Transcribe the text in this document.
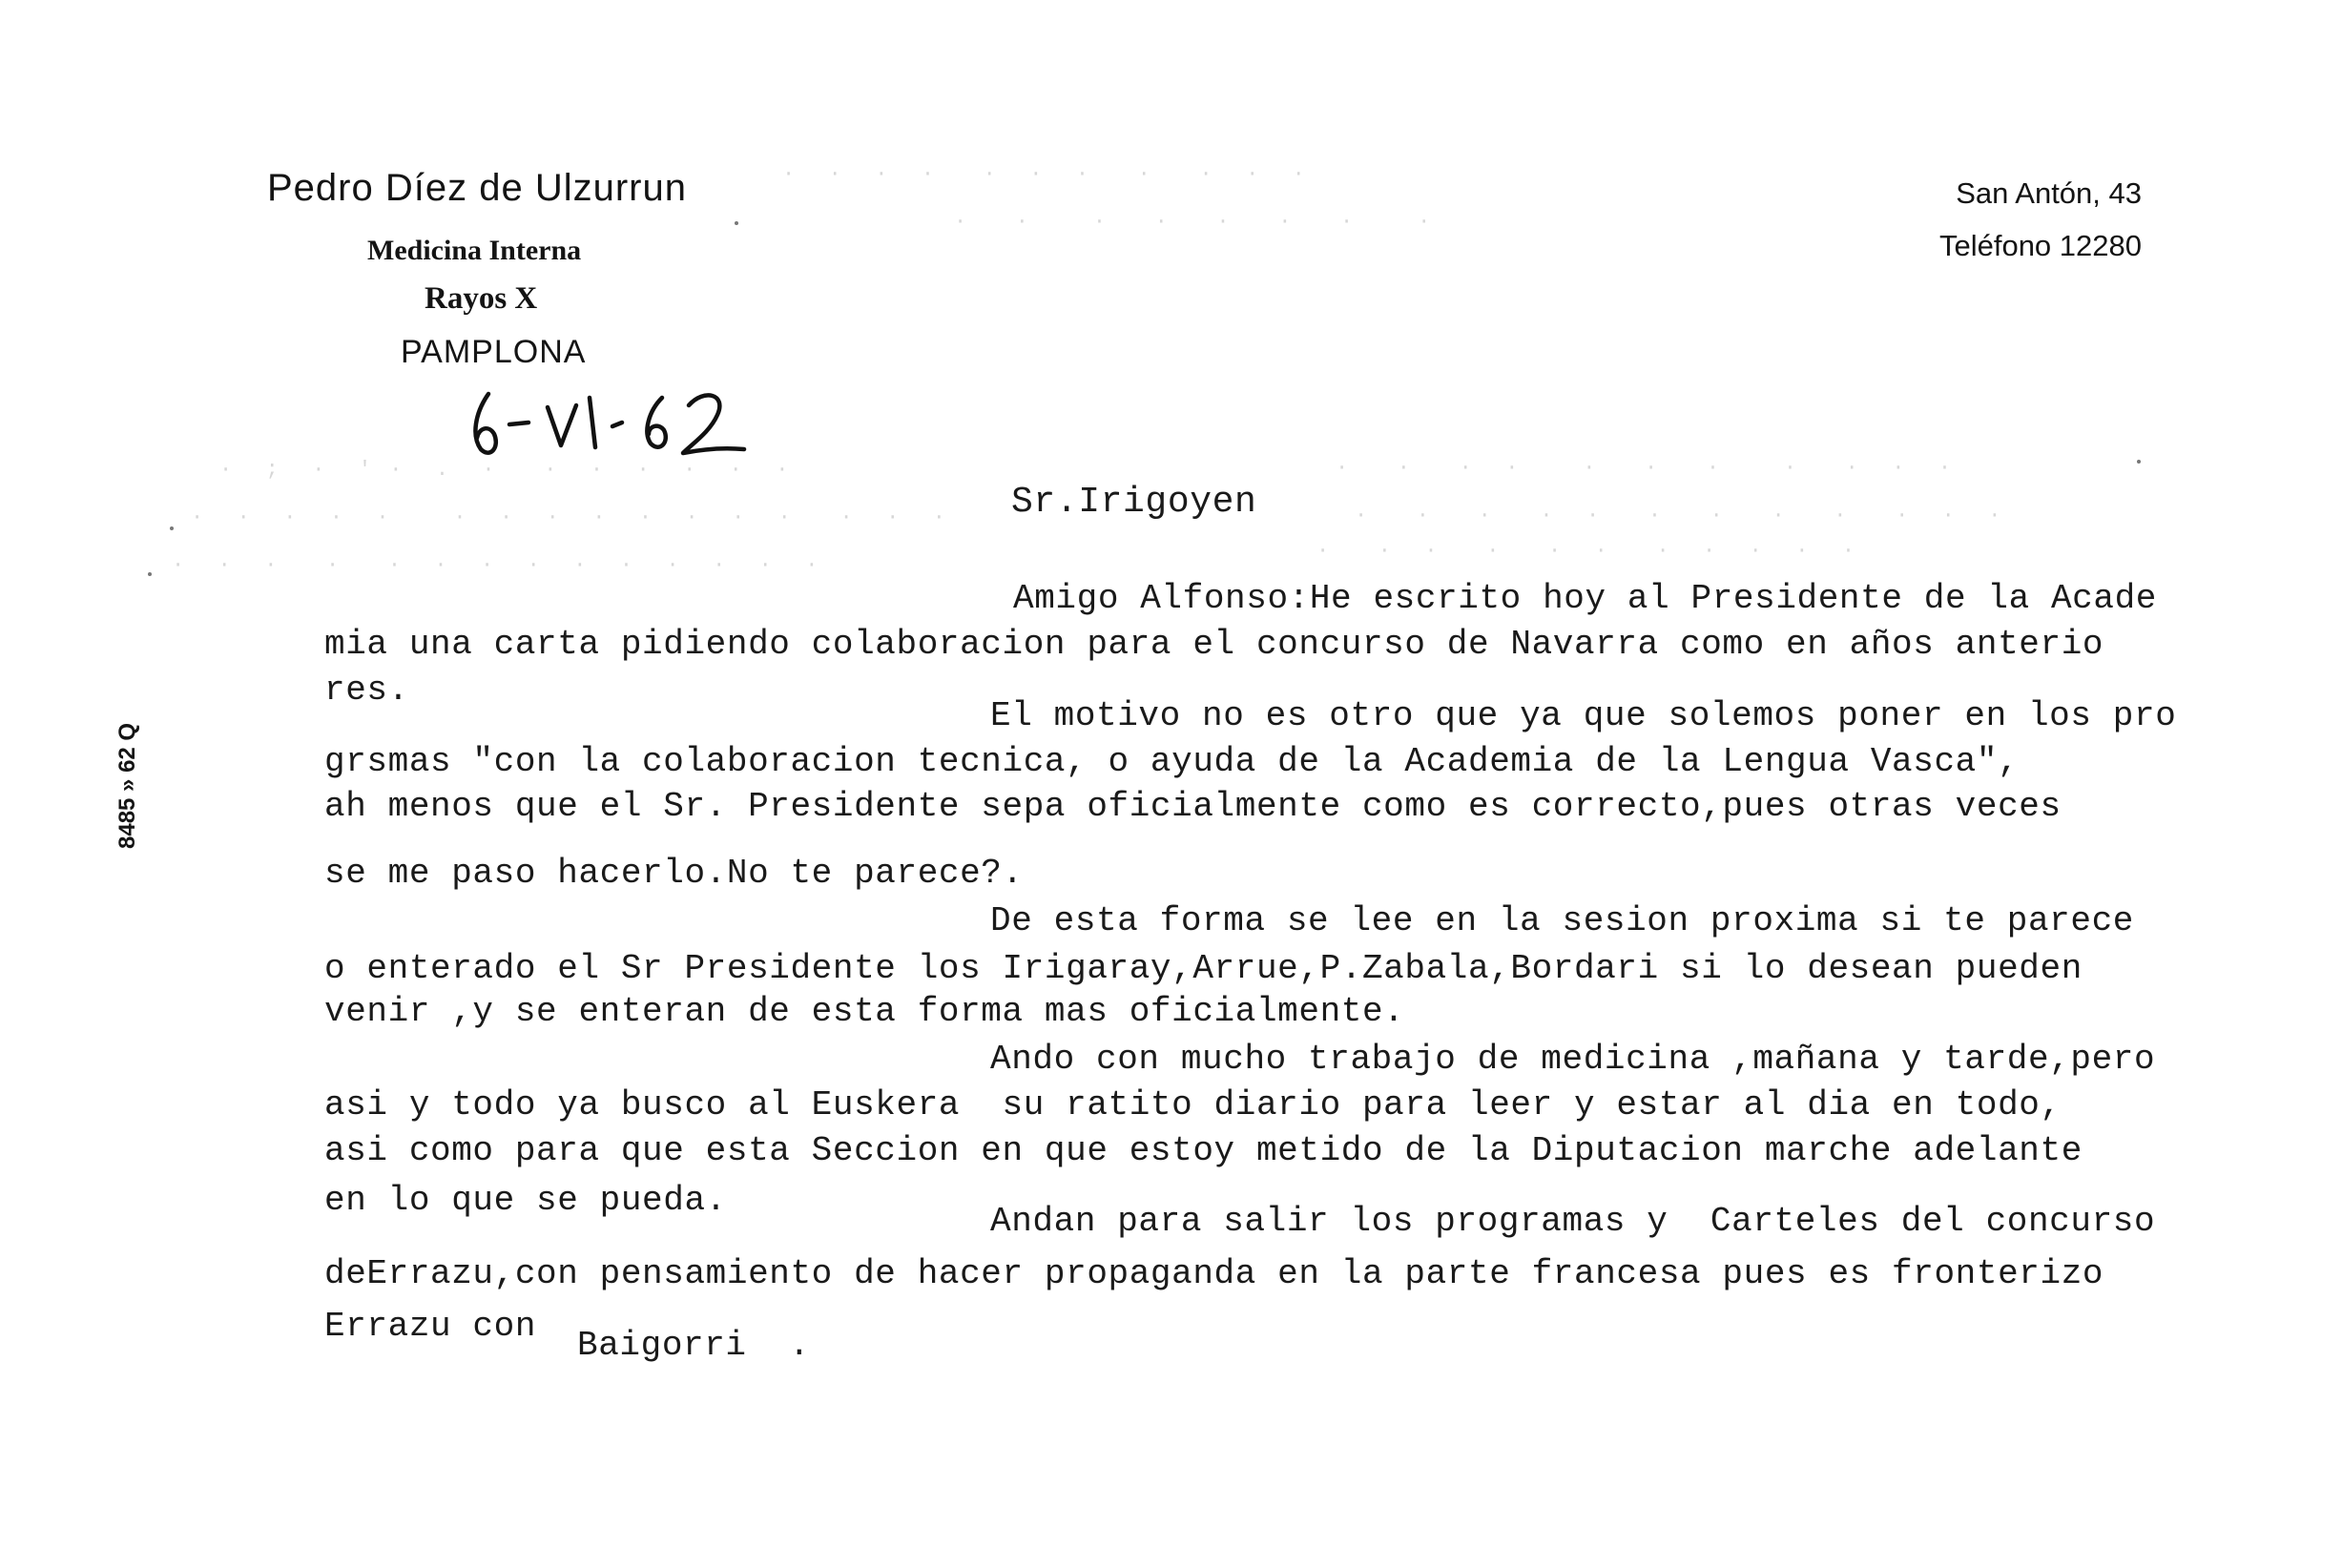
·  ;  ·  ' ·  .  ·   ·  ·  ·  ·  ·  ·
·  ·  ·  ·  ·    ·  ·  ·  ·  ·  ·  ·  ·   ·  ·  ·
·  ·  ·   ·   ·  ·  ·  ·  ·  ·  ·  ·  ·  ·
·   ·   ·  ·    ·   ·   ·    ·   ·  ·  ·
·   ·   ·   ·  ·   ·   ·   ·   ·   ·  ·  ·
·   ·  ·   ·   ·  ·   ·  ·  ·  ·  ·
·  ·  ·  ·   ·  ·  ·   ·   ·  ·  ·
·   ·    ·   ·   ·   ·   ·    ·
Pedro Díez de Ulzurrun
Medicina Interna
Rayos X
PAMPLONA
San Antón, 43
Teléfono 12280
8485 » 62 Q
Sr.Irigoyen
Amigo Alfonso:He escrito hoy al Presidente de la Acade
mia una carta pidiendo colaboracion para el concurso de Navarra como en años anterio
res.
El motivo no es otro que ya que solemos poner en los pro
grsmas "con la colaboracion tecnica, o ayuda de la Academia de la Lengua Vasca",
ah menos que el Sr. Presidente sepa oficialmente como es correcto,pues otras veces
se me paso hacerlo.No te parece?.
De esta forma se lee en la sesion proxima si te parece
o enterado el Sr Presidente los Irigaray,Arrue,P.Zabala,Bordari si lo desean pueden
venir ,y se enteran de esta forma mas oficialmente.
Ando con mucho trabajo de medicina ,mañana y tarde,pero
asi y todo ya busco al Euskera  su ratito diario para leer y estar al dia en todo,
asi como para que esta Seccion en que estoy metido de la Diputacion marche adelante
en lo que se pueda.
Andan para salir los programas y  Carteles del concurso
deErrazu,con pensamiento de hacer propaganda en la parte francesa pues es fronterizo
Errazu con Baigorri  .
